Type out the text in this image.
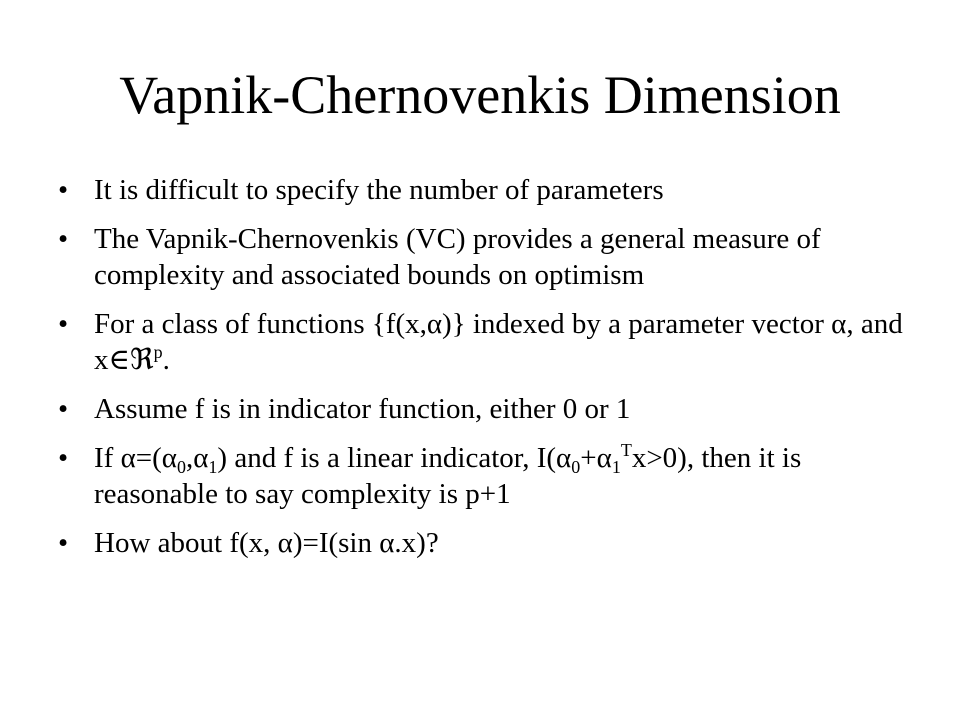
Vapnik-Chernovenkis Dimension
• It is difficult to specify the number of parameters
• The Vapnik-Chernovenkis (VC) provides a general measure of complexity and associated bounds on optimism
• For a class of functions {f(x,α)} indexed by a parameter vector α, and x∈ℜ$^p$.
• Assume f is in indicator function, either 0 or 1
• If $\alpha=(\alpha_0,\alpha_1)$ and f is a linear indicator, $I(\alpha_0+\alpha_1^Tx>0)$, then it is reasonable to say complexity is p+1
• How about f(x, α)=I(sin α.x)?
